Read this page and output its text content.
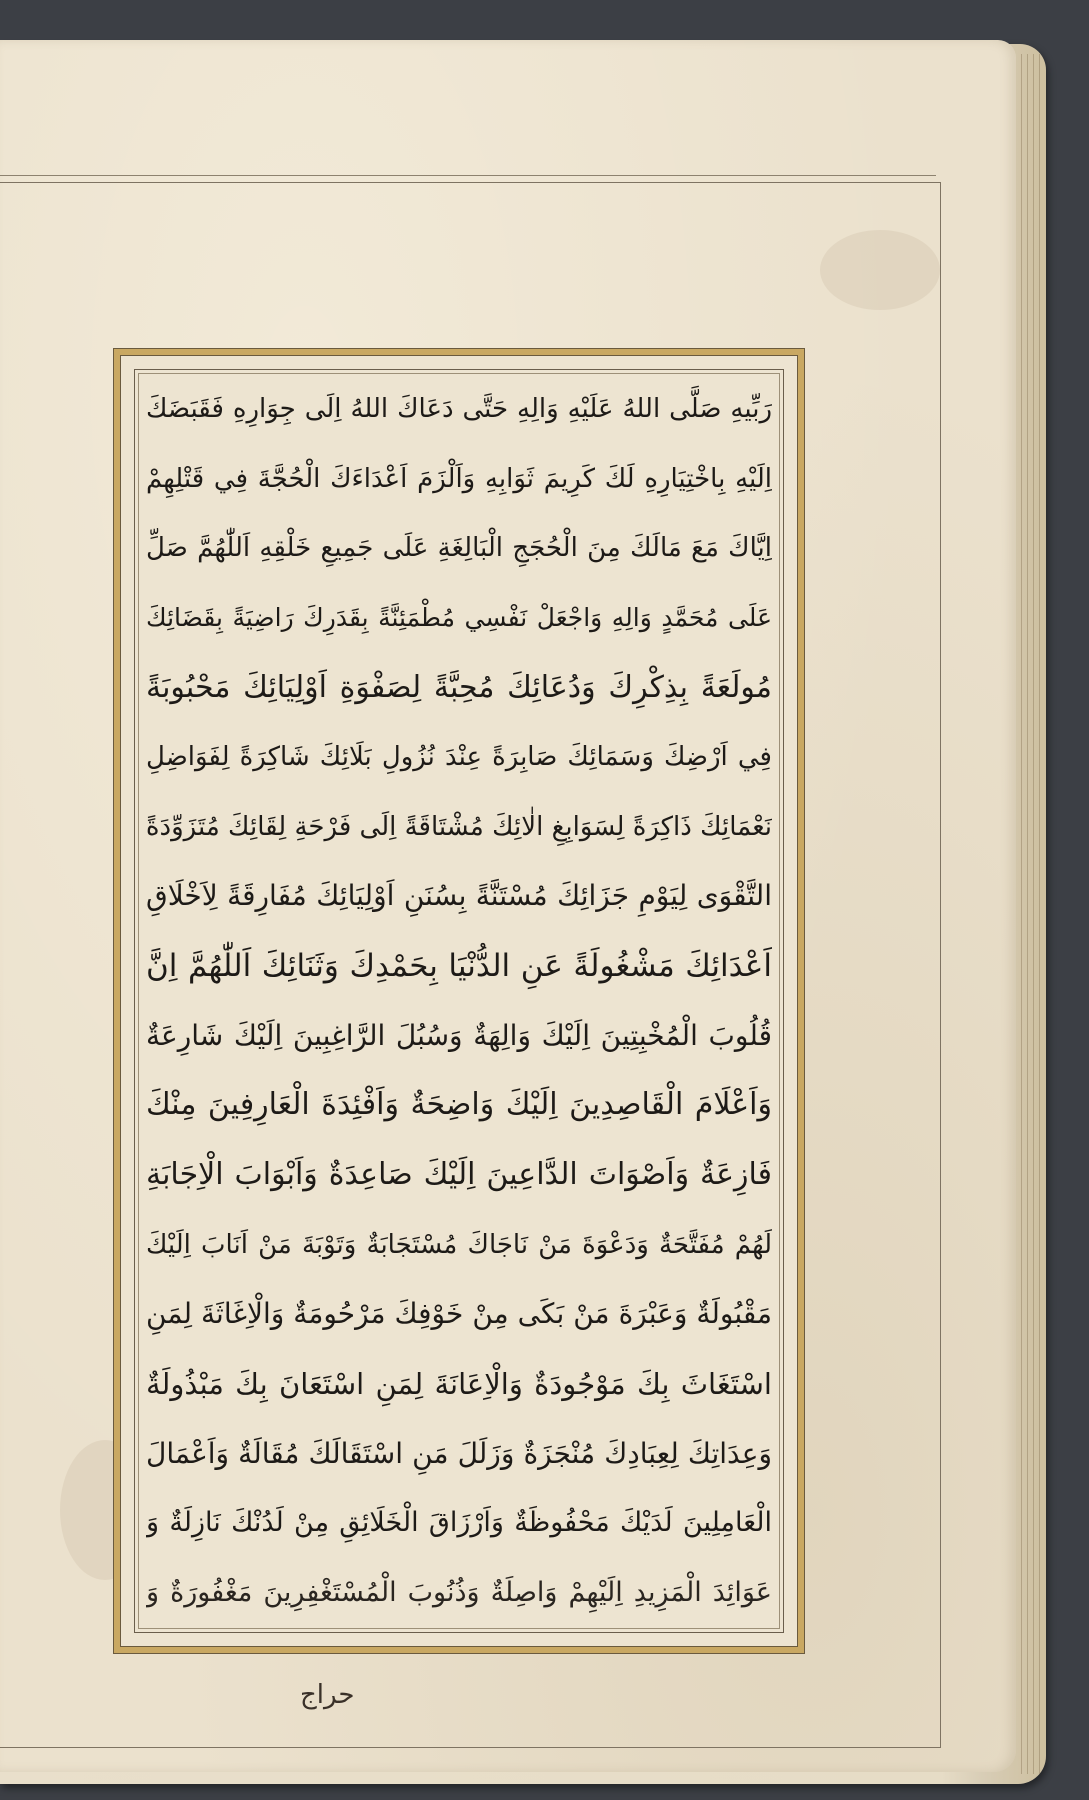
رَبِّيهِ صَلَّى اللهُ عَلَيْهِ وَالِهِ حَتَّى دَعَاكَ اللهُ اِلَى جِوَارِهِ فَقَبَضَكَ
اِلَيْهِ بِاخْتِيَارِهِ لَكَ كَرِيمَ ثَوَابِهِ وَاَلْزَمَ اَعْدَاءَكَ الْحُجَّةَ فِي قَتْلِهِمْ
اِيَّاكَ مَعَ مَالَكَ مِنَ الْحُجَجِ الْبَالِغَةِ عَلَى جَمِيعِ خَلْقِهِ اَللّٰهُمَّ صَلِّ
عَلَى مُحَمَّدٍ وَالِهِ وَاجْعَلْ نَفْسِي مُطْمَئِنَّةً بِقَدَرِكَ رَاضِيَةً بِقَضَائِكَ
مُولَعَةً بِذِكْرِكَ وَدُعَائِكَ مُحِبَّةً لِصَفْوَةِ اَوْلِيَائِكَ مَحْبُوبَةً
فِي اَرْضِكَ وَسَمَائِكَ صَابِرَةً عِنْدَ نُزُولِ بَلَائِكَ شَاكِرَةً لِفَوَاضِلِ
نَعْمَائِكَ ذَاكِرَةً لِسَوَابِغِ الٰائِكَ مُشْتَاقَةً اِلَى فَرْحَةِ لِقَائِكَ مُتَزَوِّدَةً
التَّقْوَى لِيَوْمِ جَزَائِكَ مُسْتَنَّةً بِسُنَنِ اَوْلِيَائِكَ مُفَارِقَةً لِاَخْلَاقِ
اَعْدَائِكَ مَشْغُولَةً عَنِ الدُّنْيَا بِحَمْدِكَ وَثَنَائِكَ اَللّٰهُمَّ اِنَّ
قُلُوبَ الْمُخْبِتِينَ اِلَيْكَ وَالِهَةٌ وَسُبُلَ الرَّاغِبِينَ اِلَيْكَ شَارِعَةٌ
وَاَعْلَامَ الْقَاصِدِينَ اِلَيْكَ وَاضِحَةٌ وَاَفْئِدَةَ الْعَارِفِينَ مِنْكَ
فَازِعَةٌ وَاَصْوَاتَ الدَّاعِينَ اِلَيْكَ صَاعِدَةٌ وَاَبْوَابَ الْاِجَابَةِ
لَهُمْ مُفَتَّحَةٌ وَدَعْوَةَ مَنْ نَاجَاكَ مُسْتَجَابَةٌ وَتَوْبَةَ مَنْ اَنَابَ اِلَيْكَ
مَقْبُولَةٌ وَعَبْرَةَ مَنْ بَكَى مِنْ خَوْفِكَ مَرْحُومَةٌ وَالْاِغَاثَةَ لِمَنِ
اسْتَغَاثَ بِكَ مَوْجُودَةٌ وَالْاِعَانَةَ لِمَنِ اسْتَعَانَ بِكَ مَبْذُولَةٌ
وَعِدَاتِكَ لِعِبَادِكَ مُنْجَزَةٌ وَزَلَلَ مَنِ اسْتَقَالَكَ مُقَالَةٌ وَاَعْمَالَ
الْعَامِلِينَ لَدَيْكَ مَحْفُوظَةٌ وَاَرْزَاقَ الْخَلَائِقِ مِنْ لَدُنْكَ نَازِلَةٌ وَ
عَوَائِدَ الْمَزِيدِ اِلَيْهِمْ وَاصِلَةٌ وَذُنُوبَ الْمُسْتَغْفِرِينَ مَغْفُورَةٌ وَ
حراج
